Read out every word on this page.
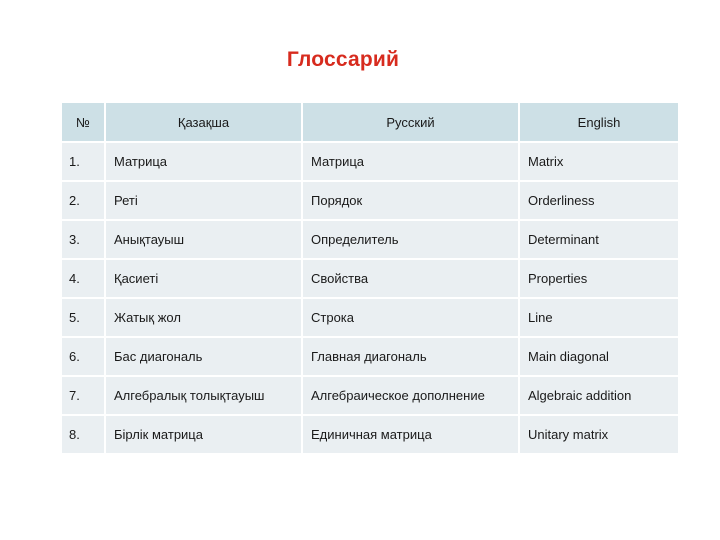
Глоссарий
№	Қазақша	Русский	English
1.	Матрица	Матрица	Matrix
2.	Реті	Порядок	Orderliness
3.	Анықтауыш	Определитель	Determinant
4.	Қасиеті	Свойства	Properties
5.	Жатық жол	Строка	Line
6.	Бас диагональ	Главная диагональ	Main diagonal
7.	Алгебралық толықтауыш	Алгебраическое дополнение	Algebraic addition
8.	Бірлік матрица	Единичная матрица	Unitary matrix
